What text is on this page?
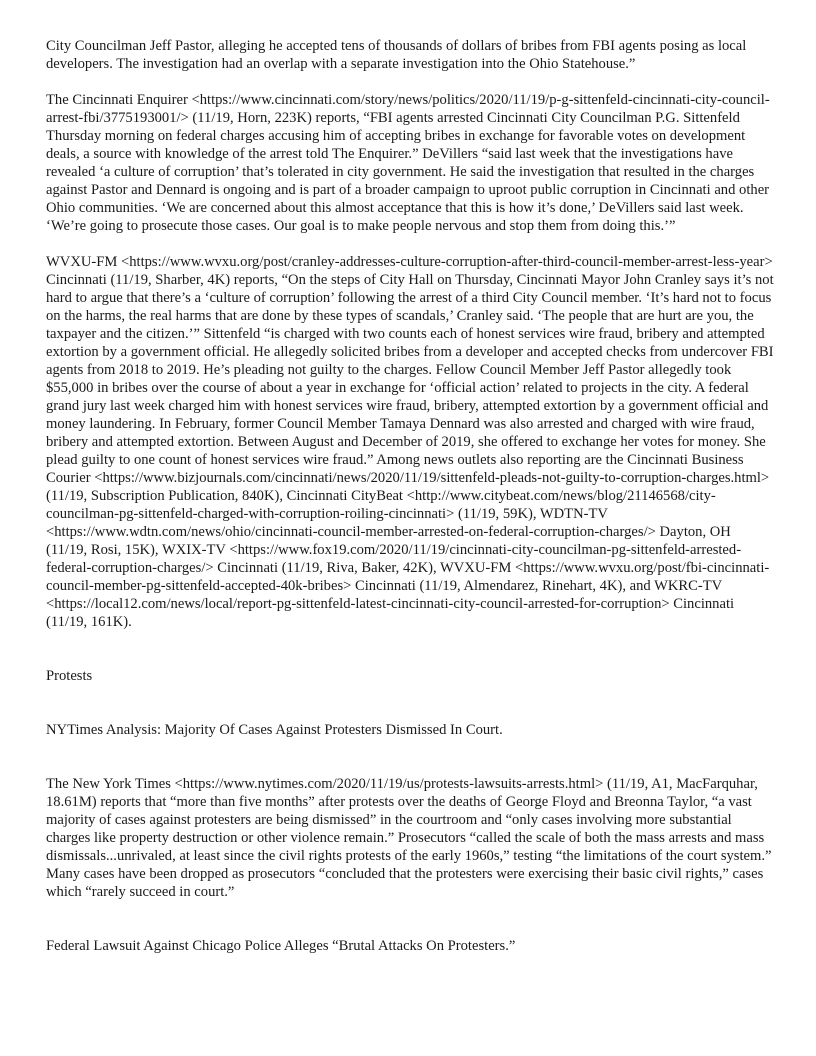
City Councilman Jeff Pastor, alleging he accepted tens of thousands of dollars of bribes from FBI agents posing as local developers. The investigation had an overlap with a separate investigation into the Ohio Statehouse.”

The Cincinnati Enquirer <https://www.cincinnati.com/story/news/politics/2020/11/19/p-g-sittenfeld-cincinnati-city-council-arrest-fbi/3775193001/> (11/19, Horn, 223K) reports, “FBI agents arrested Cincinnati City Councilman P.G. Sittenfeld Thursday morning on federal charges accusing him of accepting bribes in exchange for favorable votes on development deals, a source with knowledge of the arrest told The Enquirer.” DeVillers “said last week that the investigations have revealed ‘a culture of corruption’ that’s tolerated in city government. He said the investigation that resulted in the charges against Pastor and Dennard is ongoing and is part of a broader campaign to uproot public corruption in Cincinnati and other Ohio communities. ‘We are concerned about this almost acceptance that this is how it’s done,’ DeVillers said last week. ‘We’re going to prosecute those cases. Our goal is to make people nervous and stop them from doing this.’”

WVXU-FM <https://www.wvxu.org/post/cranley-addresses-culture-corruption-after-third-council-member-arrest-less-year> Cincinnati (11/19, Sharber, 4K) reports, “On the steps of City Hall on Thursday, Cincinnati Mayor John Cranley says it’s not hard to argue that there’s a ‘culture of corruption’ following the arrest of a third City Council member. ‘It’s hard not to focus on the harms, the real harms that are done by these types of scandals,’ Cranley said. ‘The people that are hurt are you, the taxpayer and the citizen.’” Sittenfeld “is charged with two counts each of honest services wire fraud, bribery and attempted extortion by a government official. He allegedly solicited bribes from a developer and accepted checks from undercover FBI agents from 2018 to 2019. He’s pleading not guilty to the charges. Fellow Council Member Jeff Pastor allegedly took $55,000 in bribes over the course of about a year in exchange for ‘official action’ related to projects in the city. A federal grand jury last week charged him with honest services wire fraud, bribery, attempted extortion by a government official and money laundering. In February, former Council Member Tamaya Dennard was also arrested and charged with wire fraud, bribery and attempted extortion. Between August and December of 2019, she offered to exchange her votes for money. She plead guilty to one count of honest services wire fraud.” Among news outlets also reporting are the Cincinnati Business Courier <https://www.bizjournals.com/cincinnati/news/2020/11/19/sittenfeld-pleads-not-guilty-to-corruption-charges.html> (11/19, Subscription Publication, 840K), Cincinnati CityBeat <http://www.citybeat.com/news/blog/21146568/city-councilman-pg-sittenfeld-charged-with-corruption-roiling-cincinnati> (11/19, 59K), WDTN-TV <https://www.wdtn.com/news/ohio/cincinnati-council-member-arrested-on-federal-corruption-charges/> Dayton, OH (11/19, Rosi, 15K), WXIX-TV <https://www.fox19.com/2020/11/19/cincinnati-city-councilman-pg-sittenfeld-arrested-federal-corruption-charges/> Cincinnati (11/19, Riva, Baker, 42K), WVXU-FM <https://www.wvxu.org/post/fbi-cincinnati-council-member-pg-sittenfeld-accepted-40k-bribes> Cincinnati (11/19, Almendarez, Rinehart, 4K), and WKRC-TV <https://local12.com/news/local/report-pg-sittenfeld-latest-cincinnati-city-council-arrested-for-corruption> Cincinnati (11/19, 161K).

Protests

NYTimes Analysis: Majority Of Cases Against Protesters Dismissed In Court.

The New York Times <https://www.nytimes.com/2020/11/19/us/protests-lawsuits-arrests.html> (11/19, A1, MacFarquhar, 18.61M) reports that “more than five months” after protests over the deaths of George Floyd and Breonna Taylor, “a vast majority of cases against protesters are being dismissed” in the courtroom and “only cases involving more substantial charges like property destruction or other violence remain.” Prosecutors “called the scale of both the mass arrests and mass dismissals...unrivaled, at least since the civil rights protests of the early 1960s,” testing “the limitations of the court system.” Many cases have been dropped as prosecutors “concluded that the protesters were exercising their basic civil rights,” cases which “rarely succeed in court.”

Federal Lawsuit Against Chicago Police Alleges “Brutal Attacks On Protesters.”
